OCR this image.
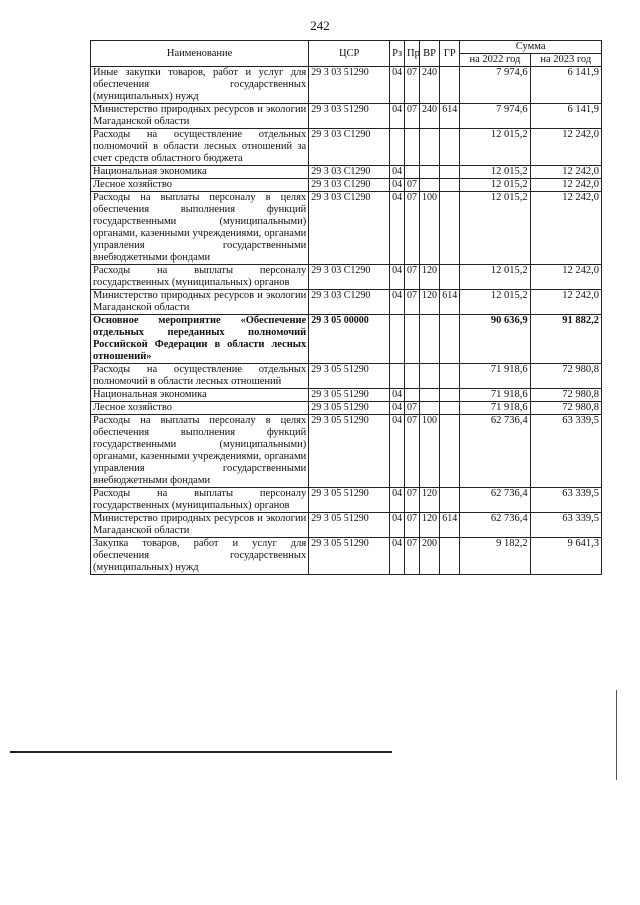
242
Наименование	ЦСР	Рз	Пр	ВР	ГР	Сумма	
						на 2022 год	на 2023 год
Иные закупки товаров, работ и услуг для обеспечения государственных (муниципальных) нужд	29 3 03 51290	04	07	240		7 974,6	6 141,9
Министерство природных ресурсов и экологии Магаданской области	29 3 03 51290	04	07	240	614	7 974,6	6 141,9
Расходы на осуществление отдельных полномочий в области лесных отношений за счет средств областного бюджета	29 3 03 С1290					12 015,2	12 242,0
Национальная экономика	29 3 03 С1290	04				12 015,2	12 242,0
Лесное хозяйство	29 3 03 С1290	04	07			12 015,2	12 242,0
Расходы на выплаты персоналу в целях обеспечения выполнения функций государственными (муниципальными) органами, казенными учреждениями, органами управления государственными внебюджетными фондами	29 3 03 С1290	04	07	100		12 015,2	12 242,0
Расходы на выплаты персоналу государственных (муниципальных) органов	29 3 03 С1290	04	07	120		12 015,2	12 242,0
Министерство природных ресурсов и экологии Магаданской области	29 3 03 С1290	04	07	120	614	12 015,2	12 242,0
Основное мероприятие «Обеспечение отдельных переданных полномочий Российской Федерации в области лесных отношений»	29 3 05 00000					90 636,9	91 882,2
Расходы на осуществление отдельных полномочий в области лесных отношений	29 3 05 51290					71 918,6	72 980,8
Национальная экономика	29 3 05 51290	04				71 918,6	72 980,8
Лесное хозяйство	29 3 05 51290	04	07			71 918,6	72 980,8
Расходы на выплаты персоналу в целях обеспечения выполнения функций государственными (муниципальными) органами, казенными учреждениями, органами управления государственными внебюджетными фондами	29 3 05 51290	04	07	100		62 736,4	63 339,5
Расходы на выплаты персоналу государственных (муниципальных) органов	29 3 05 51290	04	07	120		62 736,4	63 339,5
Министерство природных ресурсов и экологии Магаданской области	29 3 05 51290	04	07	120	614	62 736,4	63 339,5
Закупка товаров, работ и услуг для обеспечения государственных (муниципальных) нужд	29 3 05 51290	04	07	200		9 182,2	9 641,3
